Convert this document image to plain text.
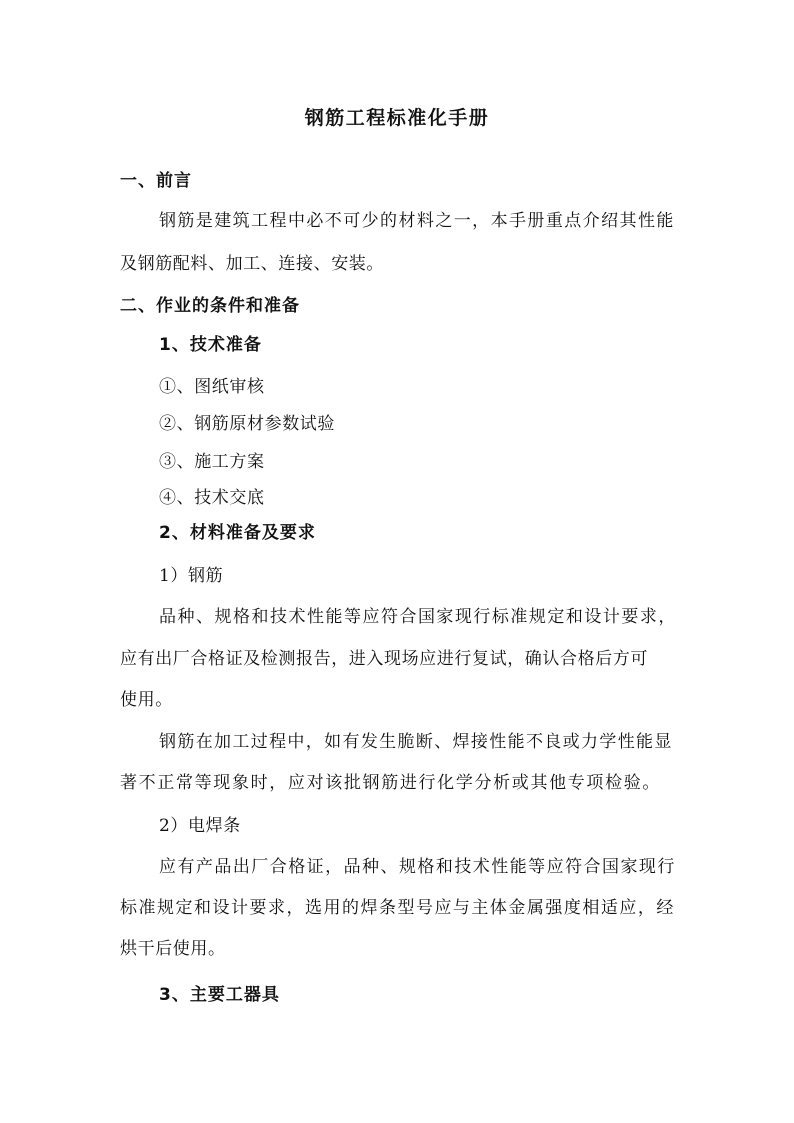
钢筋工程标准化手册
一、前言
钢筋是建筑工程中必不可少的材料之一，本手册重点介绍其性能
及钢筋配料、加工、连接、安装。
二、作业的条件和准备
1、技术准备
①、图纸审核
②、钢筋原材参数试验
③、施工方案
④、技术交底
2、材料准备及要求
1）钢筋
品种、规格和技术性能等应符合国家现行标准规定和设计要求，
应有出厂合格证及检测报告，进入现场应进行复试，确认合格后方可
使用。
钢筋在加工过程中，如有发生脆断、焊接性能不良或力学性能显
著不正常等现象时，应对该批钢筋进行化学分析或其他专项检验。
2）电焊条
应有产品出厂合格证，品种、规格和技术性能等应符合国家现行
标准规定和设计要求，选用的焊条型号应与主体金属强度相适应，经
烘干后使用。
3、主要工器具
